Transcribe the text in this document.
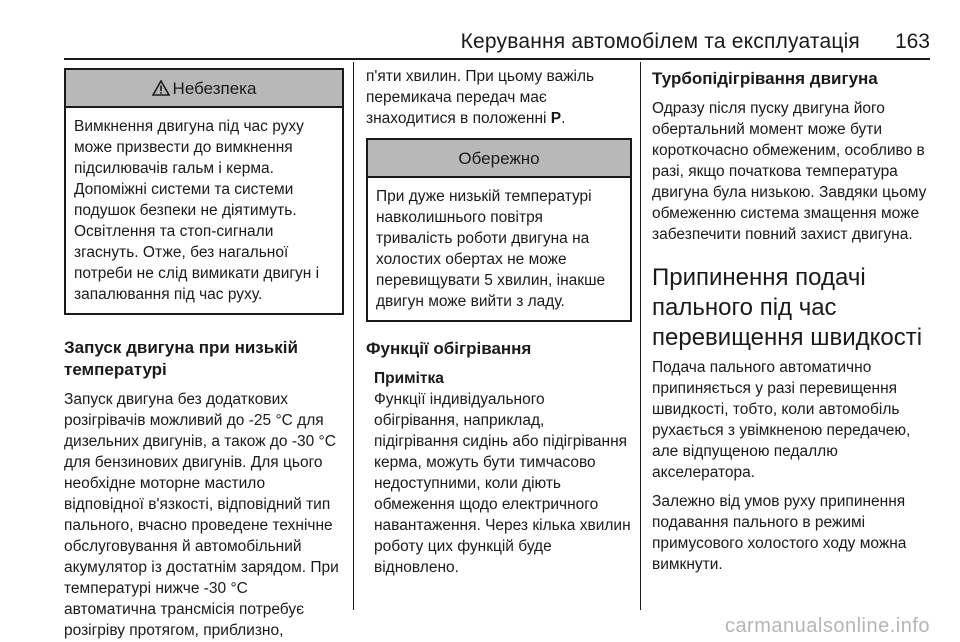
Керування автомобілем та експлуатація 163
Небезпека

Вимкнення двигуна під час руху може призвести до вимкнення підсилювачів гальм і керма. Допоміжні системи та системи подушок безпеки не діятимуть. Освітлення та стоп-сигнали згаснуть. Отже, без нагальної потреби не слід вимикати двигун і запалювання під час руху.

Запуск двигуна при низькій температурі

Запуск двигуна без додаткових розігрівачів можливий до -25 °C для дизельних двигунів, а також до -30 °C для бензинових двигунів. Для цього необхідне моторне мастило відповідної в'язкості, відповідний тип пального, вчасно проведене технічне обслуговування й автомобільний акумулятор із достатнім зарядом. При температурі нижче -30 °C автоматична трансмісія потребує розігріву протягом, приблизно,

п'яти хвилин. При цьому важіль перемикача передач має знаходитися в положенні P.

Обережно

При дуже низькій температурі навколишнього повітря тривалість роботи двигуна на холостих обертах не може перевищувати 5 хвилин, інакше двигун може вийти з ладу.

Функції обігрівання
Примітка

Функції індивідуального обігрівання, наприклад, підігрівання сидінь або підігрівання керма, можуть бути тимчасово недоступними, коли діють обмеження щодо електричного навантаження. Через кілька хвилин роботу цих функцій буде відновлено.

Турбопідігрівання двигуна

Одразу після пуску двигуна його обертальний момент може бути короткочасно обмеженим, особливо в разі, якщо початкова температура двигуна була низькою. Завдяки цьому обмеженню система змащення може забезпечити повний захист двигуна.

Припинення подачі пального під час перевищення швидкості

Подача пального автоматично припиняється у разі перевищення швидкості, тобто, коли автомобіль рухається з увімкненою передачею, але відпущеною педаллю акселератора.

Залежно від умов руху припинення подавання пального в режимі примусового холостого ходу можна вимкнути.

carmanualsonline.info
